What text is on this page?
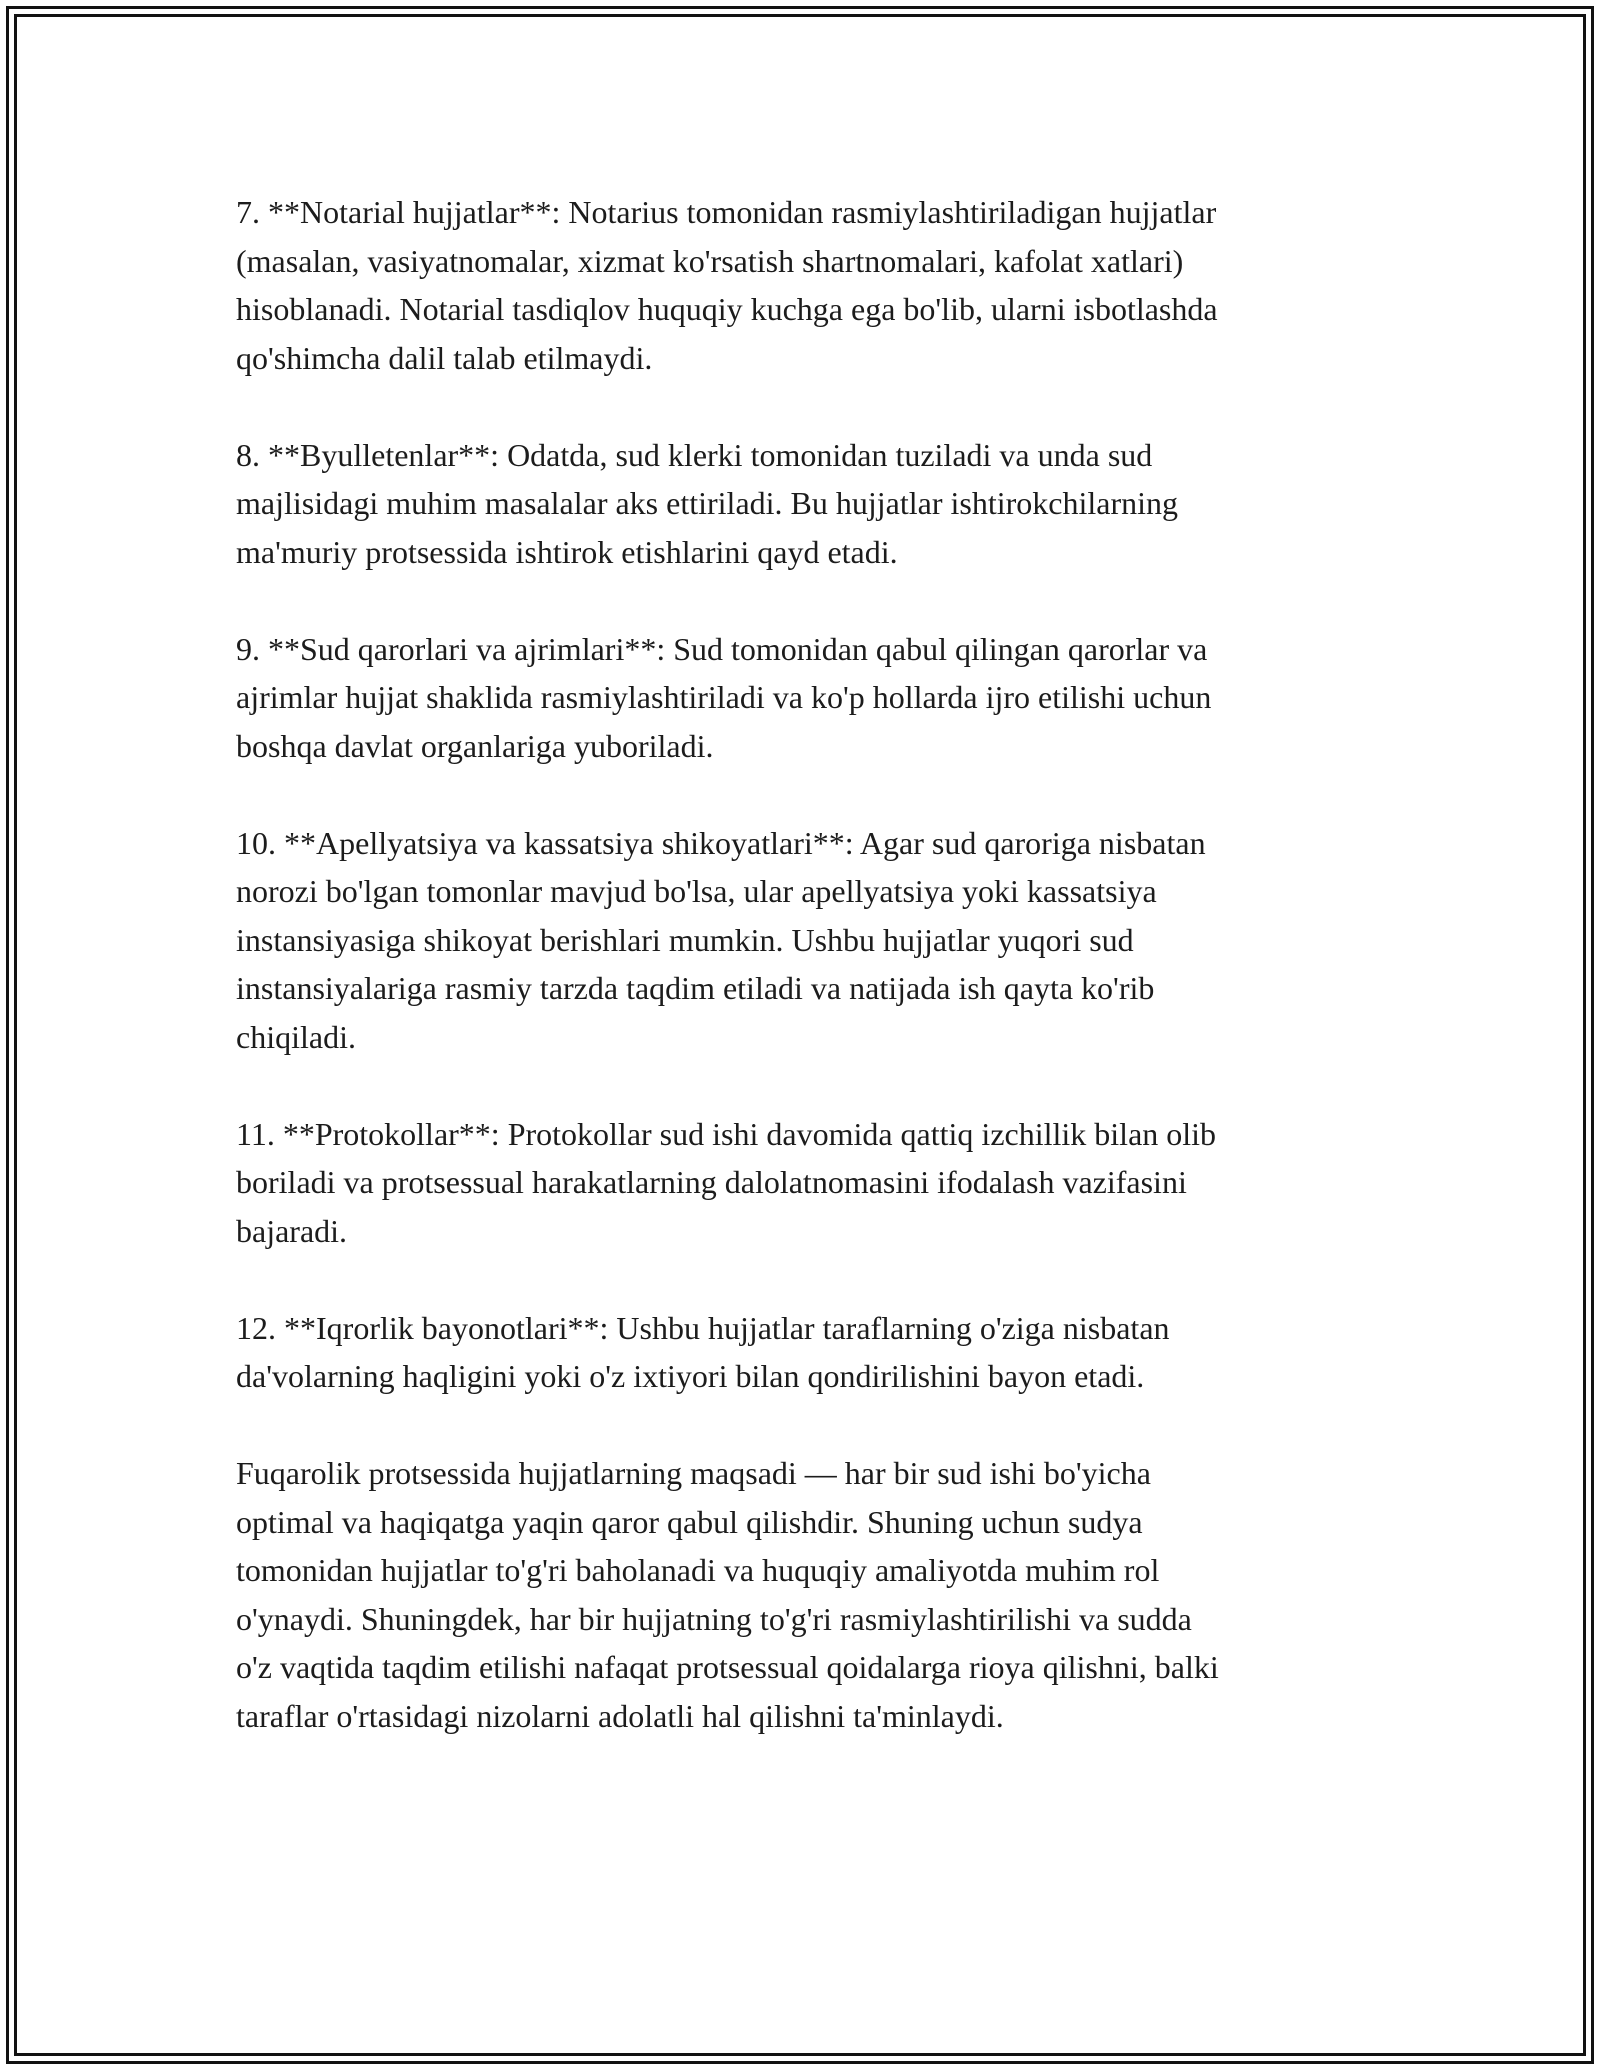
7. **Notarial hujjatlar**: Notarius tomonidan rasmiylashtiriladigan hujjatlar
(masalan, vasiyatnomalar, xizmat ko'rsatish shartnomalari, kafolat xatlari)
hisoblanadi. Notarial tasdiqlov huquqiy kuchga ega bo'lib, ularni isbotlashda
qo'shimcha dalil talab etilmaydi.

8. **Byulletenlar**: Odatda, sud klerki tomonidan tuziladi va unda sud
majlisidagi muhim masalalar aks ettiriladi. Bu hujjatlar ishtirokchilarning
ma'muriy protsessida ishtirok etishlarini qayd etadi.

9. **Sud qarorlari va ajrimlari**: Sud tomonidan qabul qilingan qarorlar va
ajrimlar hujjat shaklida rasmiylashtiriladi va ko'p hollarda ijro etilishi uchun
boshqa davlat organlariga yuboriladi.

10. **Apellyatsiya va kassatsiya shikoyatlari**: Agar sud qaroriga nisbatan
norozi bo'lgan tomonlar mavjud bo'lsa, ular apellyatsiya yoki kassatsiya
instansiyasiga shikoyat berishlari mumkin. Ushbu hujjatlar yuqori sud
instansiyalariga rasmiy tarzda taqdim etiladi va natijada ish qayta ko'rib
chiqiladi.

11. **Protokollar**: Protokollar sud ishi davomida qattiq izchillik bilan olib
boriladi va protsessual harakatlarning dalolatnomasini ifodalash vazifasini
bajaradi.

12. **Iqrorlik bayonotlari**: Ushbu hujjatlar taraflarning o'ziga nisbatan
da'volarning haqligini yoki o'z ixtiyori bilan qondirilishini bayon etadi.

Fuqarolik protsessida hujjatlarning maqsadi — har bir sud ishi bo'yicha
optimal va haqiqatga yaqin qaror qabul qilishdir. Shuning uchun sudya
tomonidan hujjatlar to'g'ri baholanadi va huquqiy amaliyotda muhim rol
o'ynaydi. Shuningdek, har bir hujjatning to'g'ri rasmiylashtirilishi va sudda
o'z vaqtida taqdim etilishi nafaqat protsessual qoidalarga rioya qilishni, balki
taraflar o'rtasidagi nizolarni adolatli hal qilishni ta'minlaydi.
